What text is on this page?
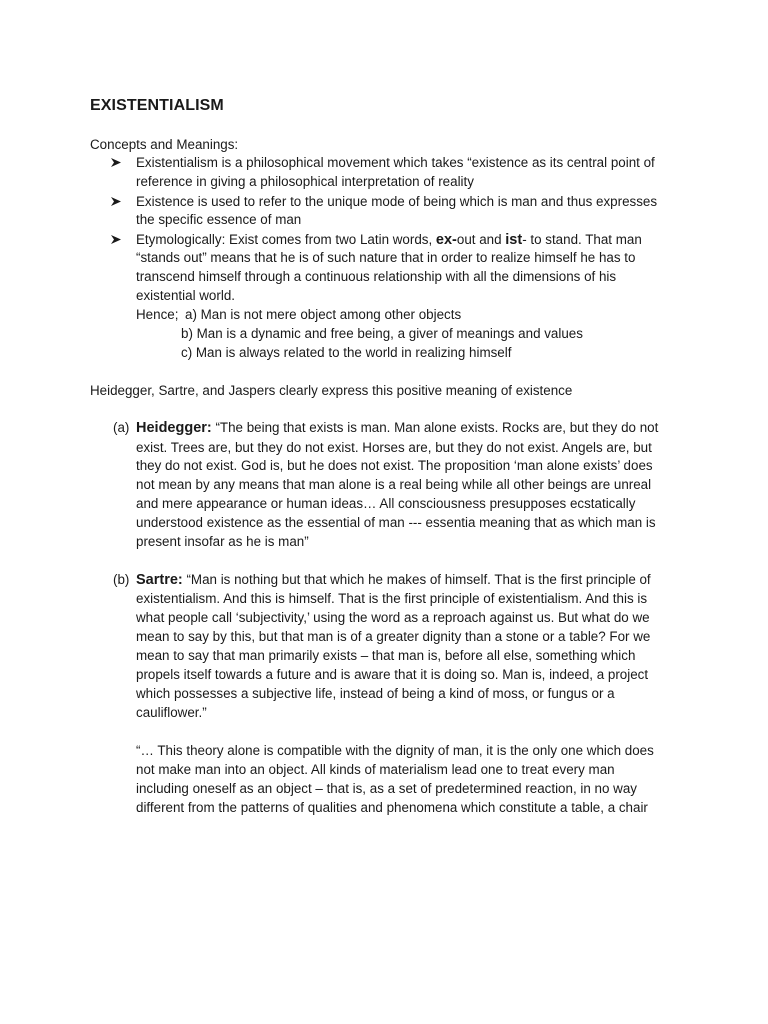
EXISTENTIALISM
Concepts and Meanings:
Existentialism is a philosophical movement which takes “existence as its central point of
reference in giving a philosophical interpretation of reality
Existence is used to refer to the unique mode of being which is man and thus expresses
the specific essence of man
Etymologically: Exist comes from two Latin words, ex-out and ist- to stand. That man
“stands out” means that he is of such nature that in order to realize himself he has to
transcend himself through a continuous relationship with all the dimensions of his
existential world.
Hence; a) Man is not mere object among other objects
b) Man is a dynamic and free being, a giver of meanings and values
c) Man is always related to the world in realizing himself
Heidegger, Sartre, and Jaspers clearly express this positive meaning of existence
(a) Heidegger: “The being that exists is man. Man alone exists. Rocks are, but they do not
exist. Trees are, but they do not exist. Horses are, but they do not exist. Angels are, but
they do not exist. God is, but he does not exist. The proposition ‘man alone exists’ does
not mean by any means that man alone is a real being while all other beings are unreal
and mere appearance or human ideas… All consciousness presupposes ecstatically
understood existence as the essential of man --- essentia meaning that as which man is
present insofar as he is man”
(b) Sartre: “Man is nothing but that which he makes of himself. That is the first principle of
existentialism. And this is himself. That is the first principle of existentialism. And this is
what people call ‘subjectivity,’ using the word as a reproach against us. But what do we
mean to say by this, but that man is of a greater dignity than a stone or a table? For we
mean to say that man primarily exists – that man is, before all else, something which
propels itself towards a future and is aware that it is doing so. Man is, indeed, a project
which possesses a subjective life, instead of being a kind of moss, or fungus or a
cauliflower.”
“… This theory alone is compatible with the dignity of man, it is the only one which does
not make man into an object. All kinds of materialism lead one to treat every man
including oneself as an object – that is, as a set of predetermined reaction, in no way
different from the patterns of qualities and phenomena which constitute a table, a chair
